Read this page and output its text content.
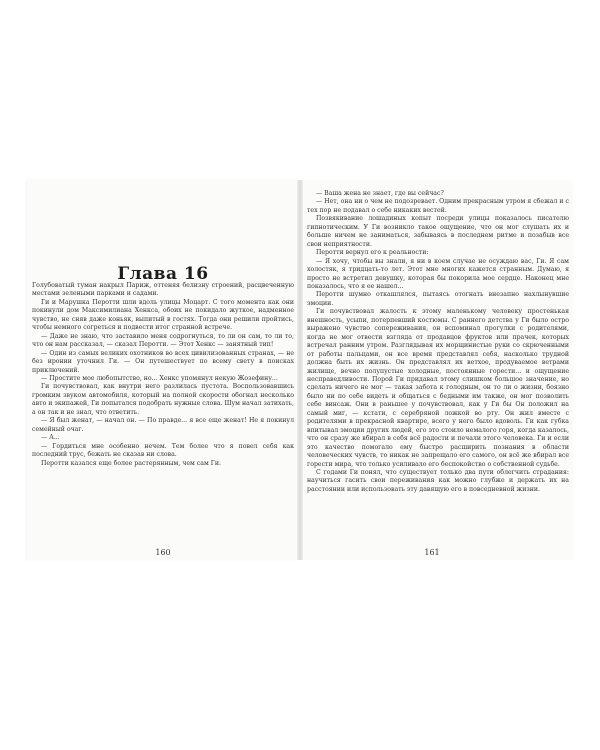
Глава 16

Голубоватый туман накрыл Париж, оттеняя белизну строений, расцвеченную местами зелеными парками и садами.

Ги и Марушка Перотти шли вдоль улицы Моцарт. С того момента как они покинули дом Максимилиана Хенкса, обоих не покидало жуткое, надменное чувство, не сняв даже коньяк, выпитый в гостях. Тогда они решили пройтись, чтобы немного согреться и подвести итог странной встрече.

— Даже не знаю, что заставило меня содрогнуться, то ли он сам, то ли то, что он нам рассказал, — сказал Перотти. — Этот Хенкс — занятный тип!

— Один из самых великих охотников во всех цивилизованных странах, — не без иронии уточнил Ги. — Он путешествует по всему свету в поисках приключений.

— Простите мое любопытство, но... Хенкс упомянул некую Жозефину...

Ги почувствовал, как внутри него разлилась пустота. Воспользовавшись громким звуком автомобиля, который на полной скорости обогнал несколько авто и экипажей, Ги попытался подобрать нужные слова. Шум начал затихать, а он так и не знал, что ответить.

— Я был женат, — начал он. — По правде... я все еще женат! Не я покинул семейный очаг.

— А...

— Гордиться мне особенно нечем. Тем более что я повел себя как последний трус, бежать не сказав ни слова.

Перотти казался еще более растерянным, чем сам Ги.

160

— Ваша жена не знает, где вы сейчас?

— Нет, она ни о чем не подозревает. Одним прекрасным утром я сбежал и с тех пор не подавал о себе никаких вестей.

Позвякивание лошадиных копыт посреди улицы показалось писателю гипнотическим. У Ги возникло такое ощущение, что он мог слушать их и больше ничем не заниматься, забываясь в последнем ритме и позабыв все свои неприятности.

Перотти вернул его к реальности:

— Я хочу, чтобы вы знали, я ни в коем случае не осуждаю вас, Ги. Я сам холостяк, я тридцать-то лет. Этот мне многих кажется странным. Думаю, я просто не встретил девушку, которая бы покорила мое сердце. Наконец мне показалось, что я ее нашел...

Перотти шумно откашлялся, пытаясь отогнать внезапно нахлынувшие эмоции.

Ги почувствовал жалость к этому маленькому человеку простенькая внешность, усыпи, потерпевший костюмы. С раннего детства у Ги было остро выражено чувство сопереживания, он вспоминал прогулки с родителями, когда не мог отвести взгляда от продавцов фруктов или прачек, которых встречал ранним утром. Разглядывая их морщинистые руки со скрюченными от работы пальцами, он все время представлял себя, насколько трудной должна быть их жизнь. Он представлял их ветхое, продуваемое ветрами жилище, вечно полупустые холодные, постоянные горести... и ощущение несправедливости. Порой Ги придавал этому слишком большое значение, но сделать ничего не мог — такая забота к голодным, он то ли о жизни, боязно было ни по себе видеть и общаться с бедными им также, он мог позволить себе винсаж. Они в раньшее у почувствовал, как у Ги бы Он положил на самый миг, — кстати, с серебряной ложкой во рту. Он жил вместе с родителями в прекрасной квартире, всего у него было вдоволь. Ги как губка впитывал эмоции других людей, его это стоило немалого горя, когда казалось, что он сразу же вбирал в себя всё радости и печали этого человека. Ги и если это качество помогало ему быстро расширить познания в области человеческих чувств, то никак не запрещало его самого, он всё же вбирал все горести мира, что только усиливало его беспокойство о собственной судьбе.

С годами Ги понял, что существует только два пути облегчить страдания: научиться гасить свои переживания как можно глубже и держать их на расстоянии или использовать эту давящую его в повседневной жизни.

161
